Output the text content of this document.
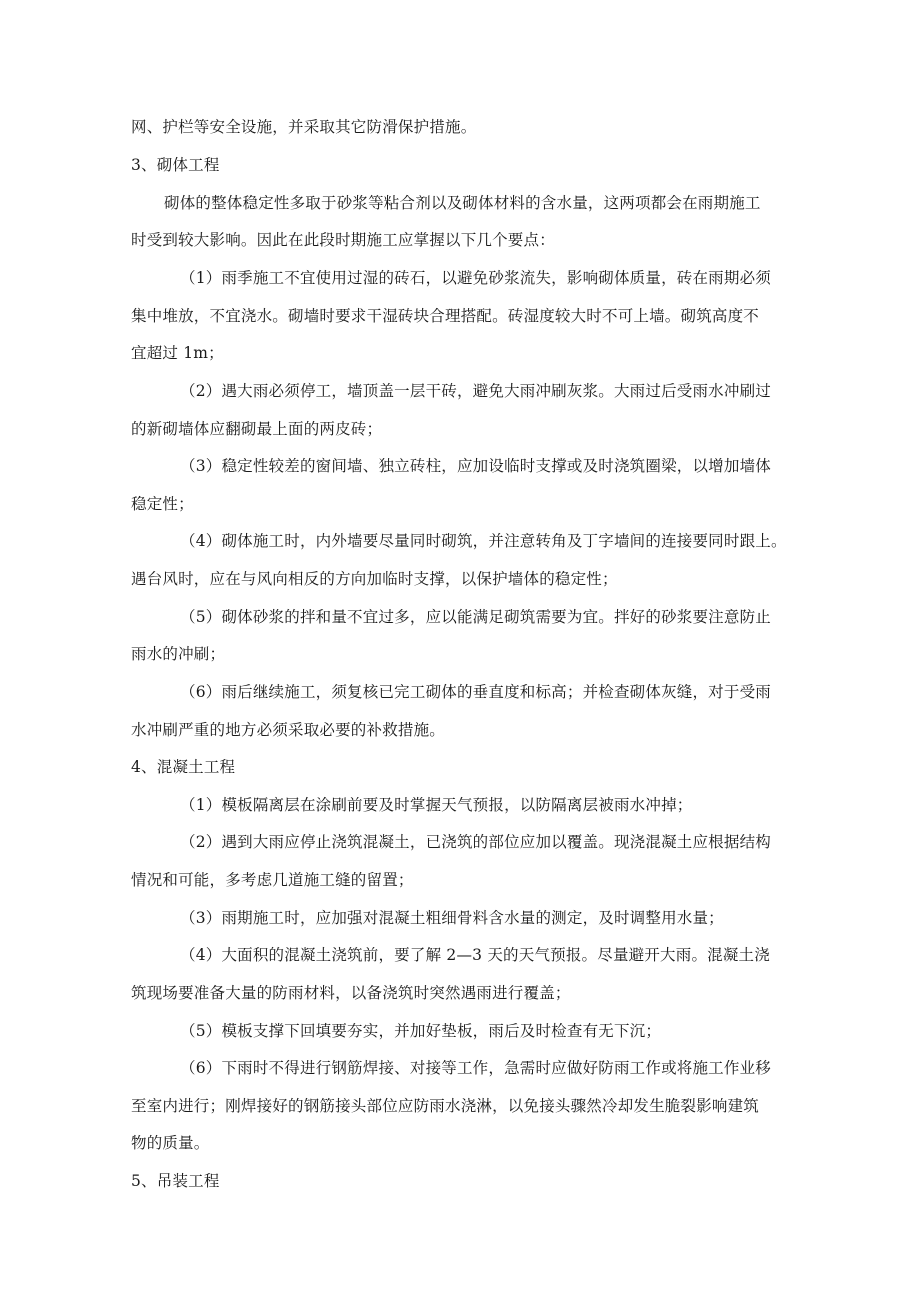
网、护栏等安全设施，并采取其它防滑保护措施。
3、砌体工程
砌体的整体稳定性多取于砂浆等粘合剂以及砌体材料的含水量，这两项都会在雨期施工
时受到较大影响。因此在此段时期施工应掌握以下几个要点：
（1）雨季施工不宜使用过湿的砖石，以避免砂浆流失，影响砌体质量，砖在雨期必须
集中堆放，不宜浇水。砌墙时要求干湿砖块合理搭配。砖湿度较大时不可上墙。砌筑高度不
宜超过 1m；
（2）遇大雨必须停工，墙顶盖一层干砖，避免大雨冲刷灰浆。大雨过后受雨水冲刷过
的新砌墙体应翻砌最上面的两皮砖；
（3）稳定性较差的窗间墙、独立砖柱，应加设临时支撑或及时浇筑圈梁，以增加墙体
稳定性；
（4）砌体施工时，内外墙要尽量同时砌筑，并注意转角及丁字墙间的连接要同时跟上。
遇台风时，应在与风向相反的方向加临时支撑，以保护墙体的稳定性；
（5）砌体砂浆的拌和量不宜过多，应以能满足砌筑需要为宜。拌好的砂浆要注意防止
雨水的冲刷；
（6）雨后继续施工，须复核已完工砌体的垂直度和标高；并检查砌体灰缝，对于受雨
水冲刷严重的地方必须采取必要的补救措施。
4、混凝土工程
（1）模板隔离层在涂刷前要及时掌握天气预报，以防隔离层被雨水冲掉；
（2）遇到大雨应停止浇筑混凝土，已浇筑的部位应加以覆盖。现浇混凝土应根据结构
情况和可能，多考虑几道施工缝的留置；
（3）雨期施工时，应加强对混凝土粗细骨料含水量的测定，及时调整用水量；
（4）大面积的混凝土浇筑前，要了解 2—3 天的天气预报。尽量避开大雨。混凝土浇
筑现场要准备大量的防雨材料，以备浇筑时突然遇雨进行覆盖；
（5）模板支撑下回填要夯实，并加好垫板，雨后及时检查有无下沉；
（6）下雨时不得进行钢筋焊接、对接等工作，急需时应做好防雨工作或将施工作业移
至室内进行；刚焊接好的钢筋接头部位应防雨水浇淋，以免接头骤然冷却发生脆裂影响建筑
物的质量。
5、吊装工程
